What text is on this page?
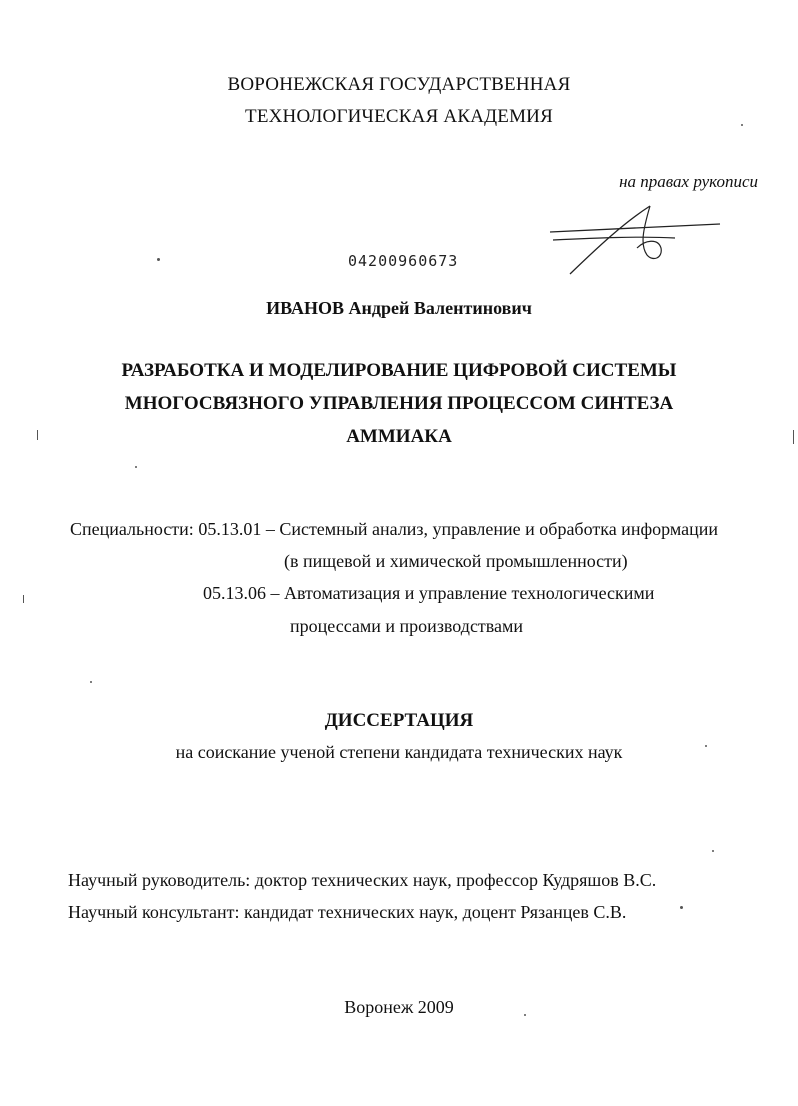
ВОРОНЕЖСКАЯ ГОСУДАРСТВЕННАЯ
ТЕХНОЛОГИЧЕСКАЯ АКАДЕМИЯ
на правах рукописи
04200960673
ИВАНОВ Андрей Валентинович
РАЗРАБОТКА И МОДЕЛИРОВАНИЕ ЦИФРОВОЙ СИСТЕМЫ
МНОГОСВЯЗНОГО УПРАВЛЕНИЯ ПРОЦЕССОМ СИНТЕЗА
АММИАКА
Специальности: 05.13.01 – Системный анализ, управление и обработка информации
(в пищевой и химической промышленности)
05.13.06 – Автоматизация и управление технологическими
процессами и производствами
ДИССЕРТАЦИЯ
на соискание ученой степени кандидата технических наук
Научный руководитель: доктор технических наук, профессор Кудряшов В.С.
Научный консультант: кандидат технических наук, доцент Рязанцев С.В.
Воронеж 2009
